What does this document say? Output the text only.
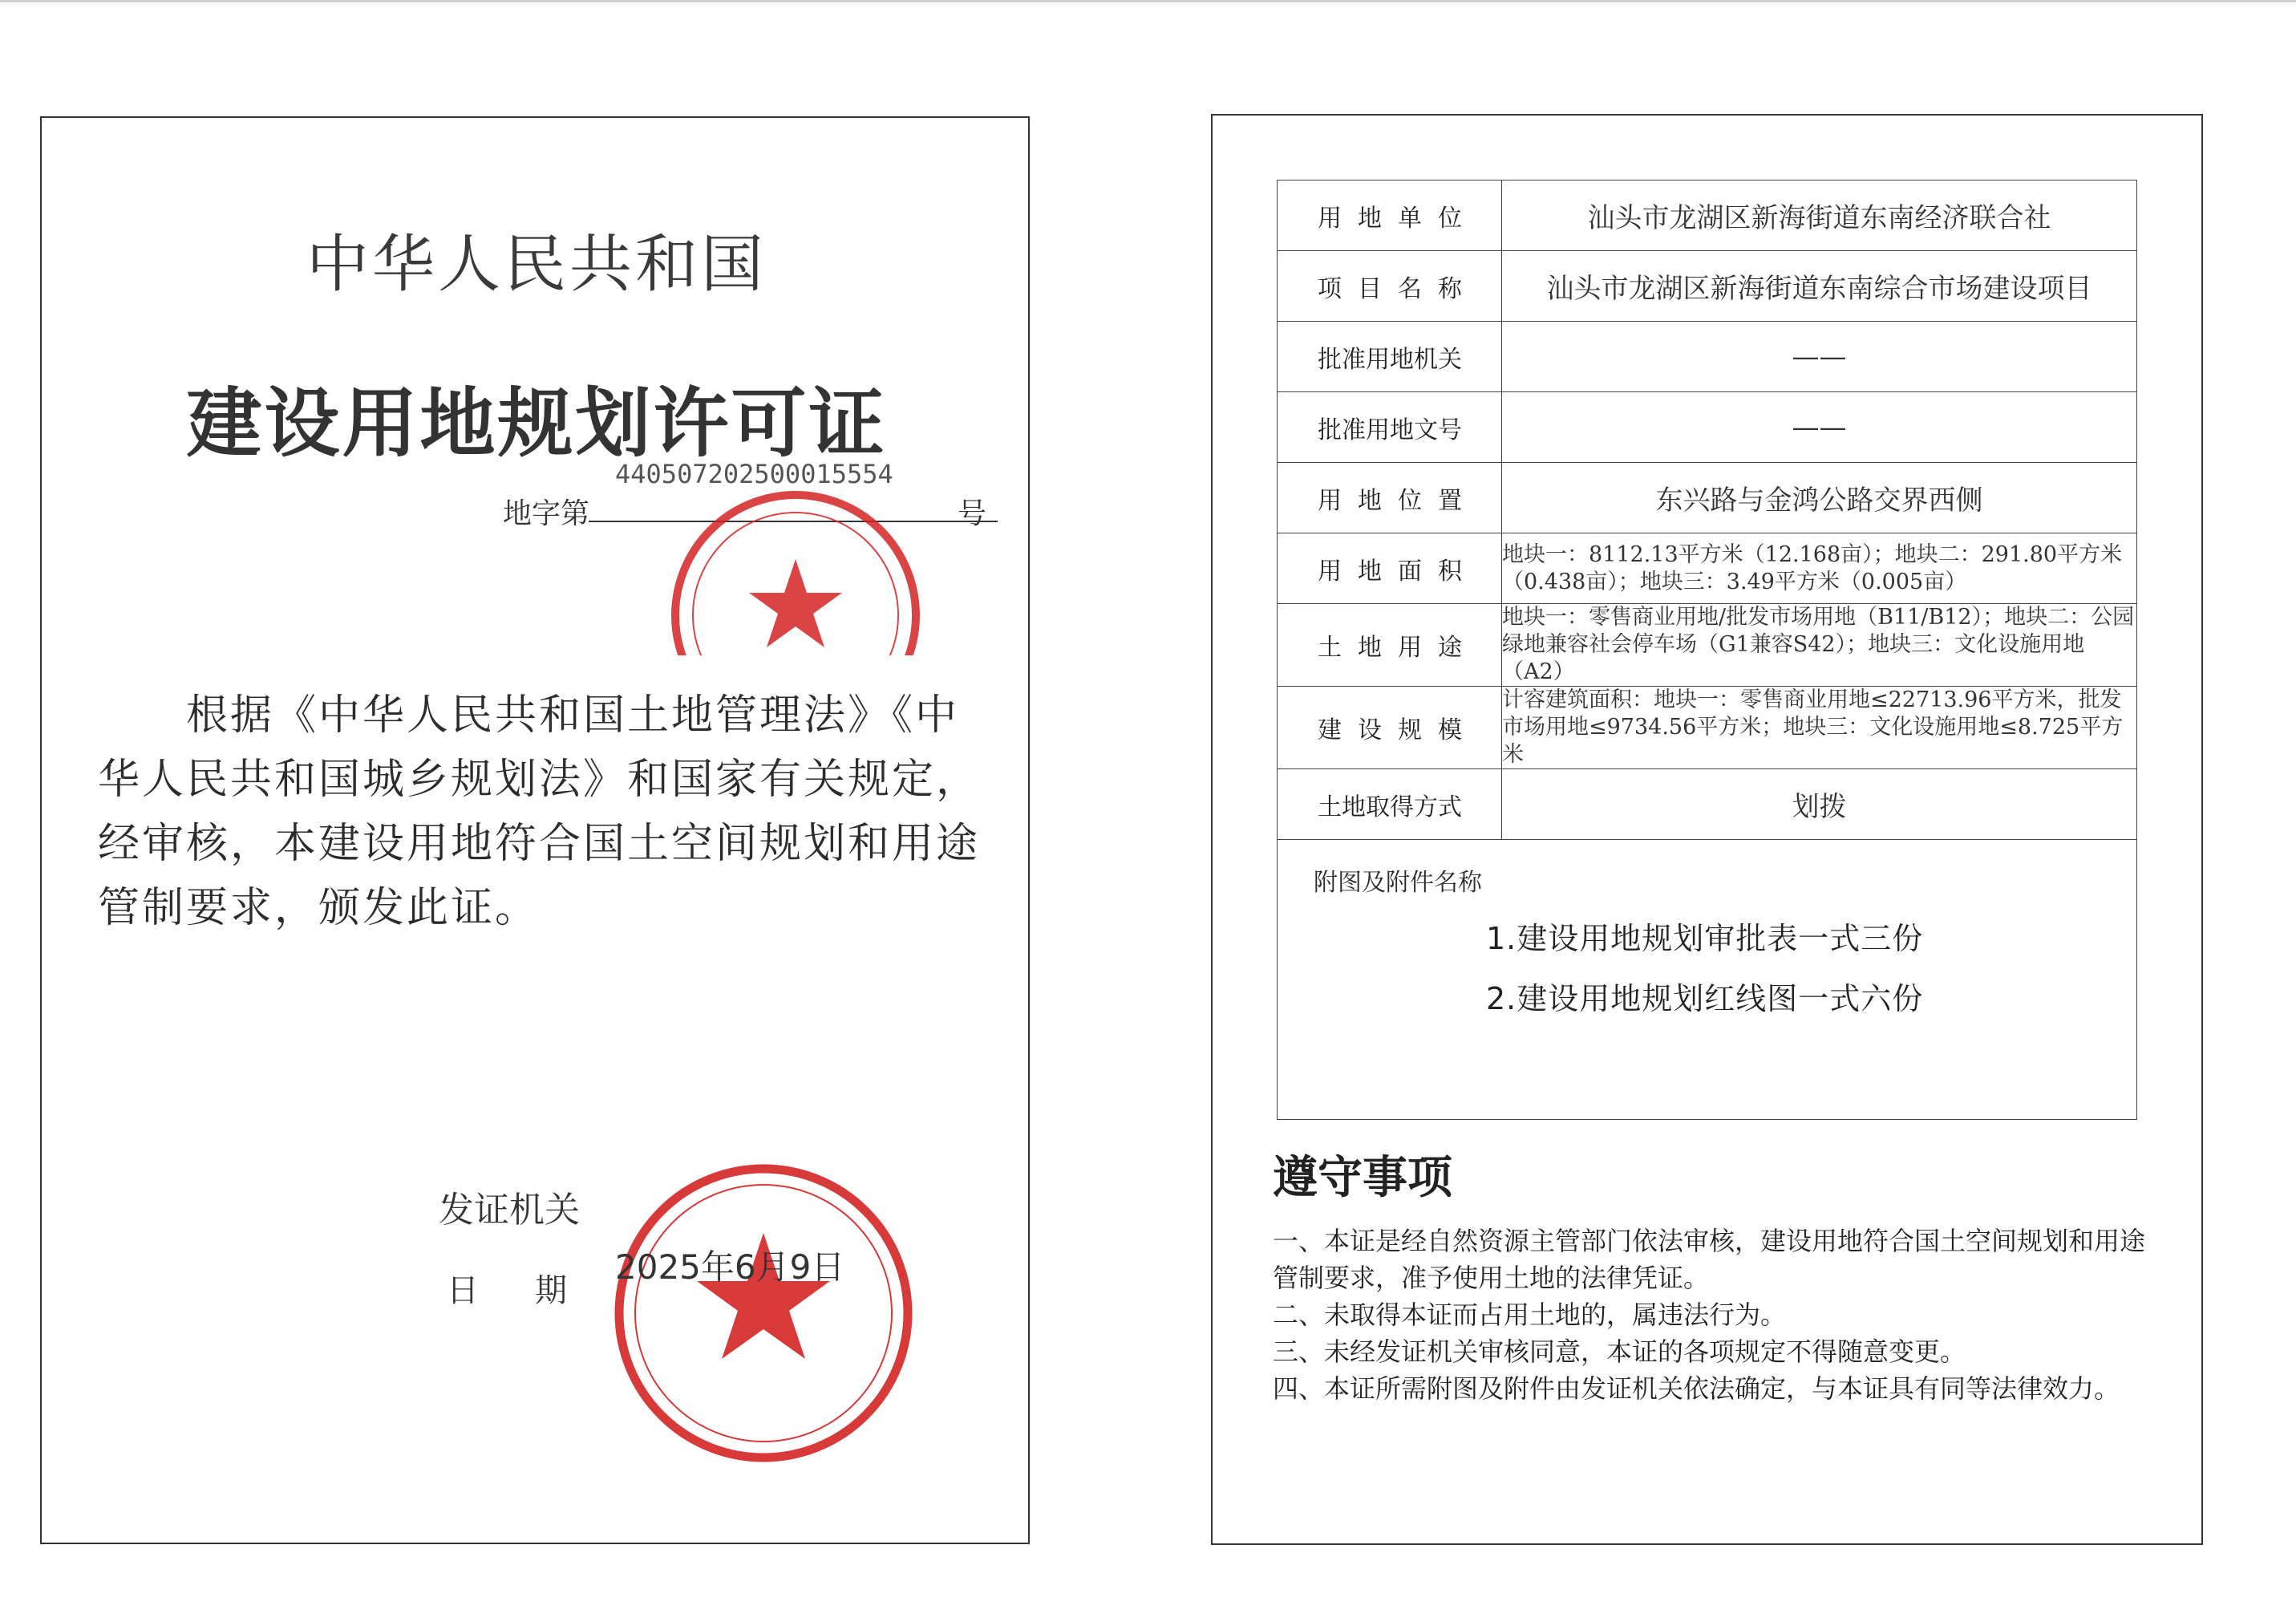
中华人民共和国
建设用地规划许可证
440507202500015554
地字第	号
根据《中华人民共和国土地管理法》《中华人民共和国城乡规划法》和国家有关规定，经审核，本建设用地符合国土空间规划和用途管制要求，颁发此证。
发证机关
日期
2025年6月9日
用地单位	汕头市龙湖区新海街道东南经济联合社
项目名称	汕头市龙湖区新海街道东南综合市场建设项目
批准用地机关	——
批准用地文号	——
用地位置	东兴路与金鸿公路交界西侧
用地面积	地块一：8112.13平方米（12.168亩）；地块二：291.80平方米（0.438亩）；地块三：3.49平方米（0.005亩）
土地用途	地块一：零售商业用地/批发市场用地（B11/B12）；地块二：公园绿地兼容社会停车场（G1兼容S42）；地块三：文化设施用地（A2）
建设规模	计容建筑面积：地块一：零售商业用地≤22713.96平方米，批发市场用地≤9734.56平方米；地块三：文化设施用地≤8.725平方米
土地取得方式	划拨

附图及附件名称
1.建设用地规划审批表一式三份
2.建设用地规划红线图一式六份	
遵守事项
一、本证是经自然资源主管部门依法审核，建设用地符合国土空间规划和用途管制要求，准予使用土地的法律凭证。
二、未取得本证而占用土地的，属违法行为。
三、未经发证机关审核同意，本证的各项规定不得随意变更。
四、本证所需附图及附件由发证机关依法确定，与本证具有同等法律效力。
